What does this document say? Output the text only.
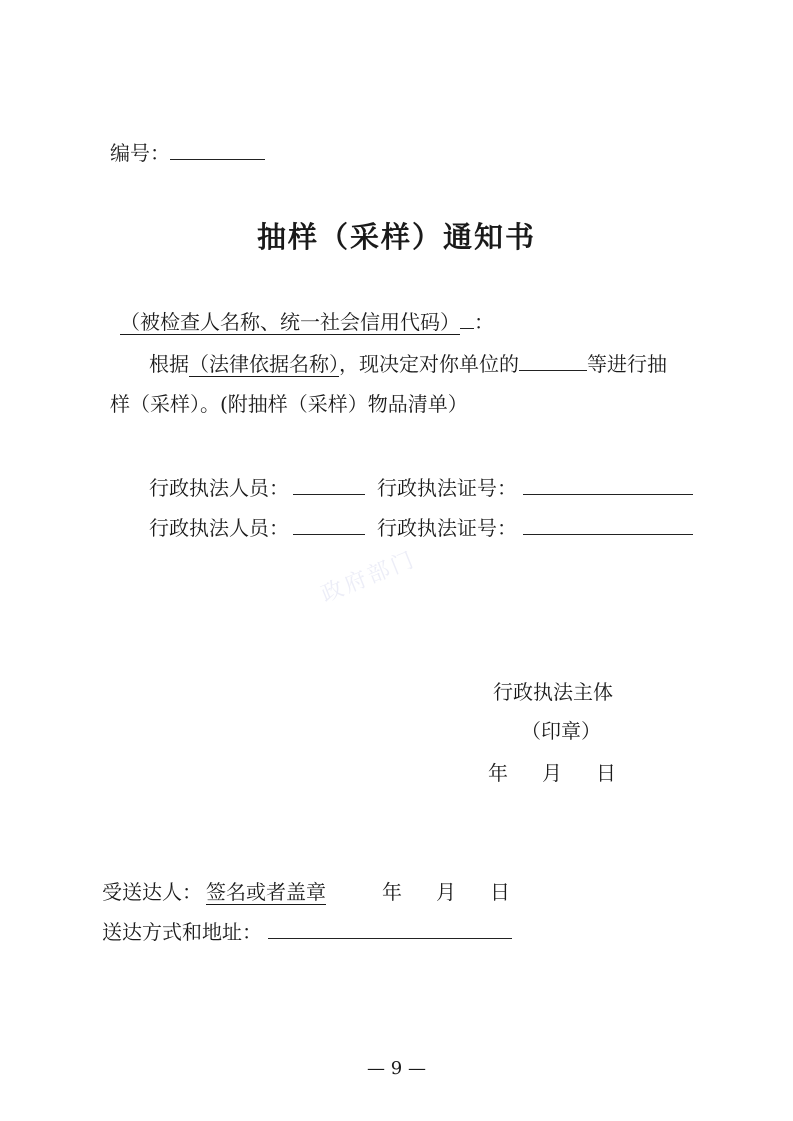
编号：
抽样（采样）通知书
（被检查人名称、统一社会信用代码） ：
根据（法律依据名称），现决定对你单位的	等进行抽
样（采样）。(附抽样（采样）物品清单）
行政执法人员：	行政执法证号：
行政执法人员：	行政执法证号：
政府部门
行政执法主体
（印章）
年 月 日
受送达人： 签名或者盖章	年 月 日
送达方式和地址：
— 9 —
